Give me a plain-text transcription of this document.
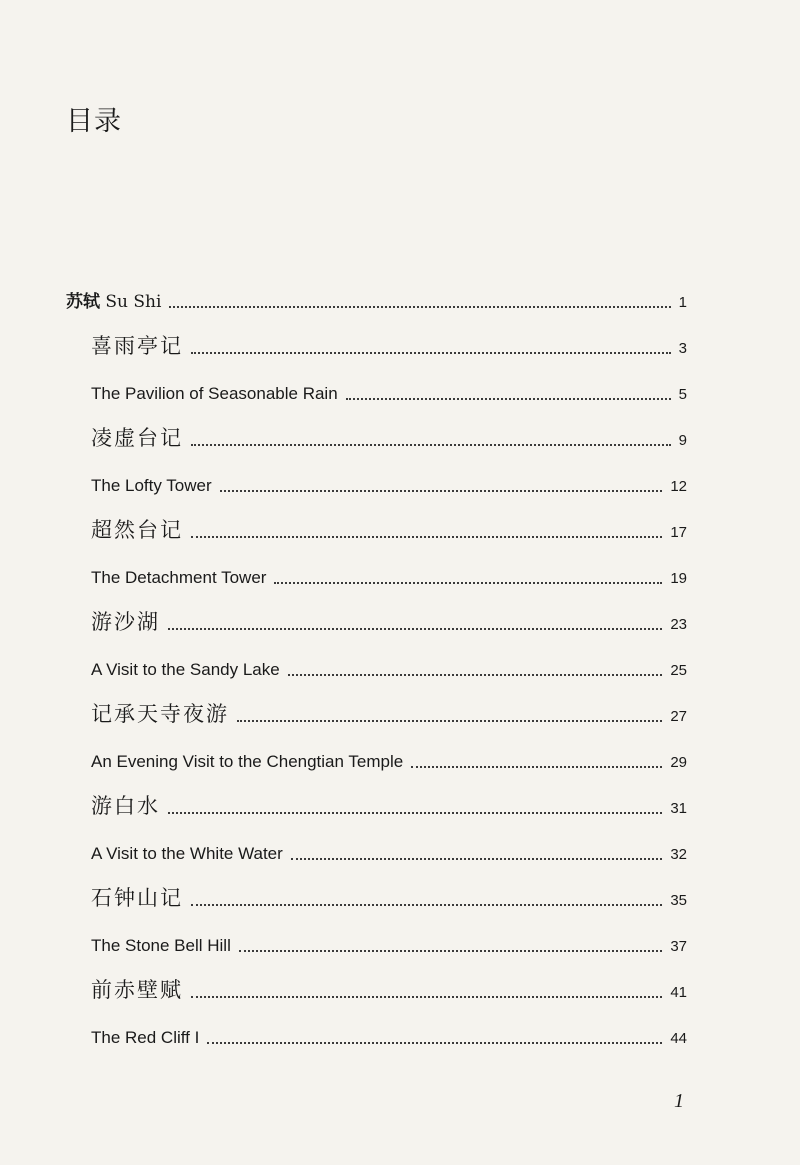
目录
苏轼 Su Shi	1
喜雨亭记	3
The Pavilion of Seasonable Rain	5
凌虚台记	9
The Lofty Tower	12
超然台记	17
The Detachment Tower	19
游沙湖	23
A Visit to the Sandy Lake	25
记承天寺夜游	27
An Evening Visit to the Chengtian Temple	29
游白水	31
A Visit to the White Water	32
石钟山记	35
The Stone Bell Hill	37
前赤壁赋	41
The Red Cliff I	44
1
